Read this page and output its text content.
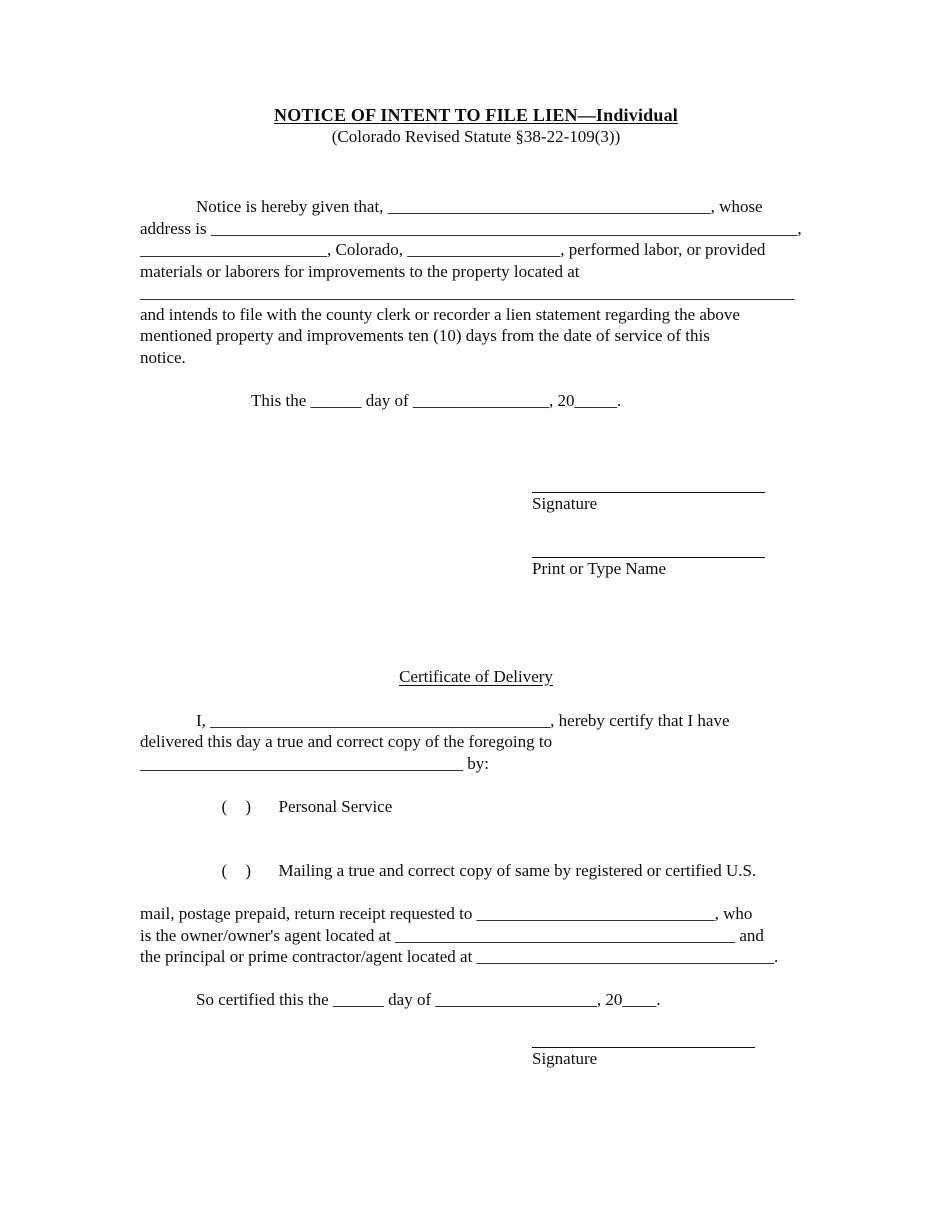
NOTICE OF INTENT TO FILE LIEN—Individual
(Colorado Revised Statute §38-22-109(3))
Notice is hereby given that, ______________________________________, whose
address is _____________________________________________________________________,
______________________, Colorado, __________________, performed labor, or provided
materials or laborers for improvements to the property located at
_____________________________________________________________________________
and intends to file with the county clerk or recorder a lien statement regarding the above
mentioned property and improvements ten (10) days from the date of service of this
notice.
This the ______ day of ________________, 20_____.
Signature
Print or Type Name
Certificate of Delivery
I, ________________________________________, hereby certify that I have
delivered this day a true and correct copy of the foregoing to
______________________________________ by:

( ) Personal Service

( ) Mailing a true and correct copy of same by registered or certified U.S.

mail, postage prepaid, return receipt requested to ____________________________, who
is the owner/owner's agent located at ________________________________________ and
the principal or prime contractor/agent located at ___________________________________.
So certified this the ______ day of ___________________, 20____.
Signature
